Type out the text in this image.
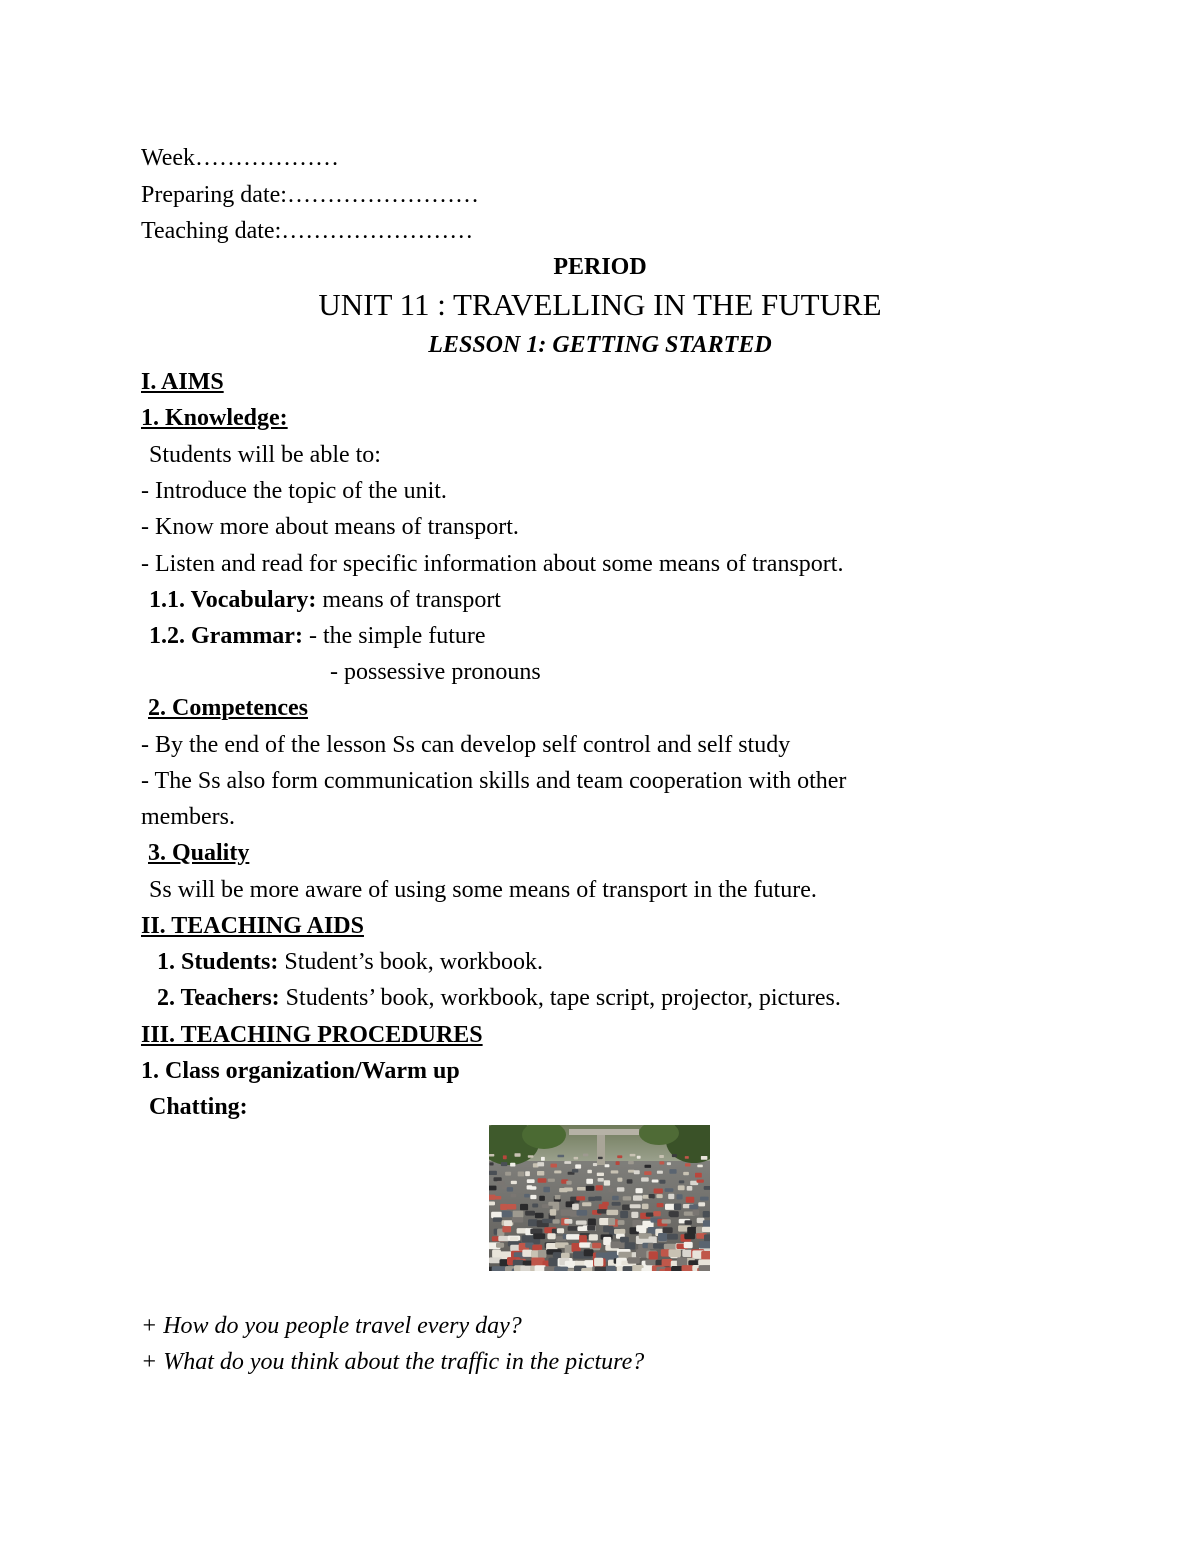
Week………………
Preparing date:……………………
Teaching date:……………………
PERIOD
UNIT 11 : TRAVELLING IN THE FUTURE
LESSON 1: GETTING STARTED
I. AIMS
1. Knowledge:
Students will be able to:
- Introduce the topic of the unit.
- Know more about means of transport.
- Listen and read for specific information about some means of transport.
1.1. Vocabulary: means of transport
1.2. Grammar: - the simple future
- possessive pronouns
2. Competences
- By the end of the lesson Ss can develop self control and self study
- The Ss also form communication skills and team cooperation with other
members.
3. Quality
Ss will be more aware of using some means of transport in the future.
II. TEACHING AIDS
1. Students: Student’s book, workbook.
2. Teachers: Students’ book, workbook, tape script, projector, pictures.
III. TEACHING PROCEDURES
1. Class organization/Warm up
Chatting:
+ How do you people travel every day?
+ What do you think about the traffic in the picture?
